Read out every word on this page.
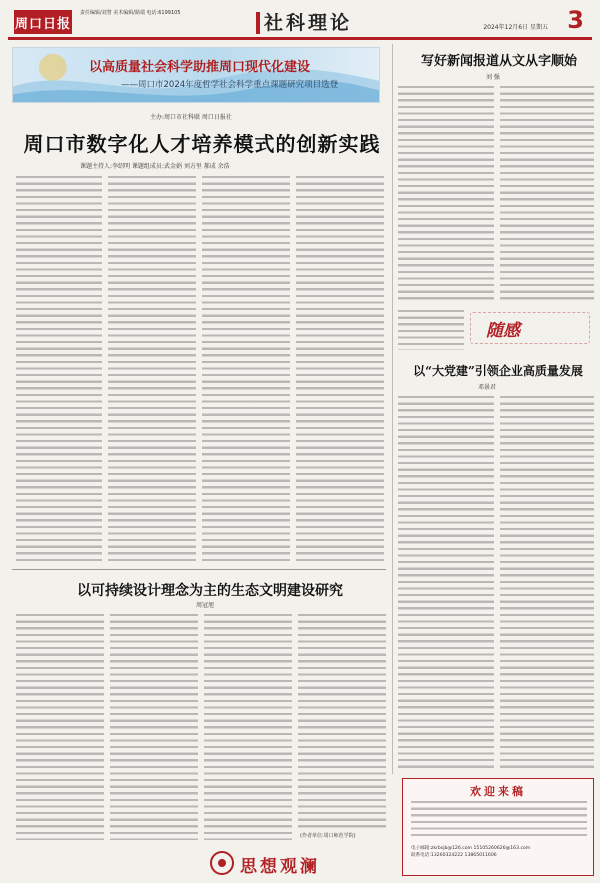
周口日报
责任编辑/刘慧 美术编辑/路瑞 电话:6199105	社科理论	2024年12月6日 星期五 3
以高质量社会科学助推周口现代化建设
——周口市2024年度哲学社会科学重点课题研究项目选登
主办:周口市社科联 周口日报社
周口市数字化人才培养模式的创新实践
课题主持人:李绍明 课题组成员:武金娟 刘方里 郝成 余浩
写好新闻报道从文从字顺始
刘 强
随感
以“大党建”引领企业高质量发展
邓景君
以可持续设计理念为主的生态文明建设研究
周冠旭
(作者单位:周口师范学院)
欢迎来稿
电子邮箱:zkrbsjb@126.com 15105260626@163.com
联系电话:13260324222 13865011606
思想观澜
